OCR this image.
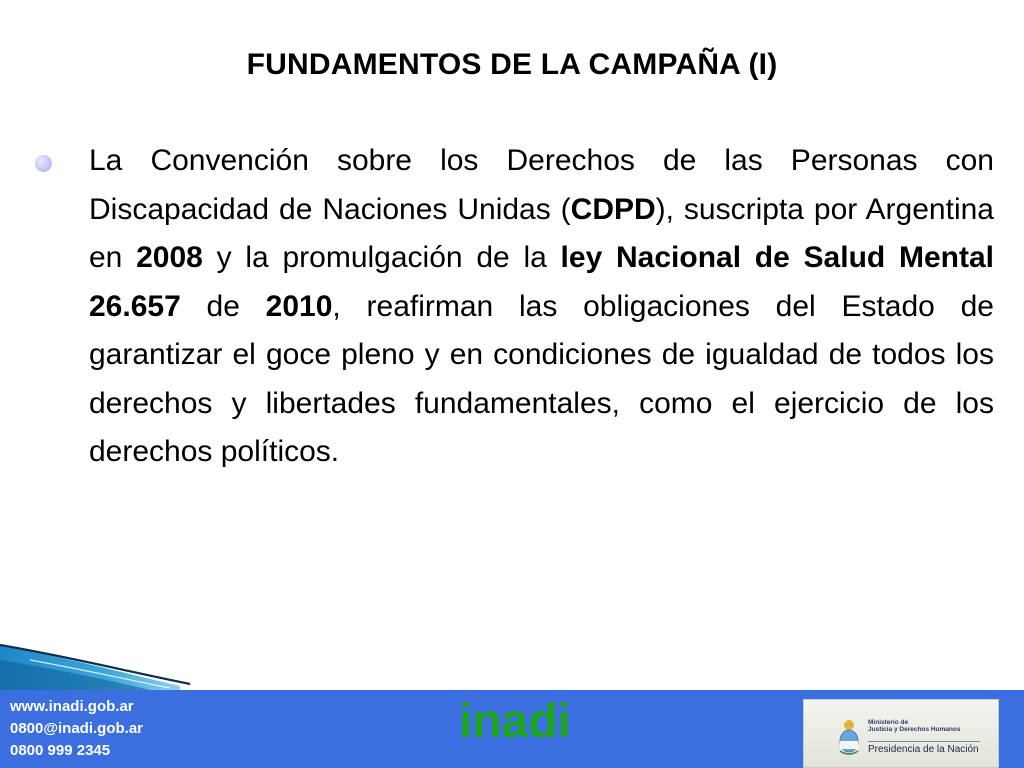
FUNDAMENTOS DE LA CAMPAÑA (I)
La Convención sobre los Derechos de las Personas con Discapacidad de Naciones Unidas (CDPD), suscripta por Argentina en 2008 y la promulgación de la ley Nacional de Salud Mental 26.657 de 2010, reafirman las obligaciones del Estado de garantizar el goce pleno y en condiciones de igualdad de todos los derechos y libertades fundamentales, como el ejercicio de los derechos políticos.
www.inadi.gob.ar
0800@inadi.gob.ar
0800 999 2345
inadi	Ministerio de
Justicia y Derechos Humanos
Presidencia de la Nación
